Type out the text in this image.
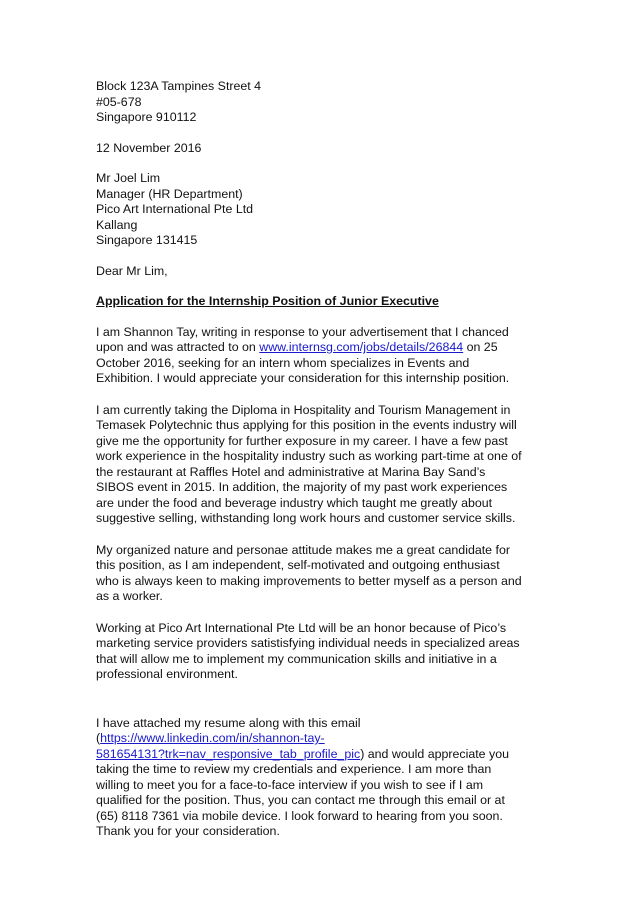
Block 123A Tampines Street 4
#05-678
Singapore 910112
12 November 2016
Mr Joel Lim
Manager (HR Department)
Pico Art International Pte Ltd
Kallang
Singapore 131415
Dear Mr Lim,
Application for the Internship Position of Junior Executive
I am Shannon Tay, writing in response to your advertisement that I chanced
upon and was attracted to on www.internsg.com/jobs/details/26844 on 25
October 2016, seeking for an intern whom specializes in Events and
Exhibition. I would appreciate your consideration for this internship position.
I am currently taking the Diploma in Hospitality and Tourism Management in
Temasek Polytechnic thus applying for this position in the events industry will
give me the opportunity for further exposure in my career. I have a few past
work experience in the hospitality industry such as working part-time at one of
the restaurant at Raffles Hotel and administrative at Marina Bay Sand’s
SIBOS event in 2015. In addition, the majority of my past work experiences
are under the food and beverage industry which taught me greatly about
suggestive selling, withstanding long work hours and customer service skills.
My organized nature and personae attitude makes me a great candidate for
this position, as I am independent, self-motivated and outgoing enthusiast
who is always keen to making improvements to better myself as a person and
as a worker.
Working at Pico Art International Pte Ltd will be an honor because of Pico’s
marketing service providers satistisfying individual needs in specialized areas
that will allow me to implement my communication skills and initiative in a
professional environment.
I have attached my resume along with this email
(https://www.linkedin.com/in/shannon-tay-
581654131?trk=nav_responsive_tab_profile_pic) and would appreciate you
taking the time to review my credentials and experience. I am more than
willing to meet you for a face-to-face interview if you wish to see if I am
qualified for the position. Thus, you can contact me through this email or at
(65) 8118 7361 via mobile device. I look forward to hearing from you soon.
Thank you for your consideration.
